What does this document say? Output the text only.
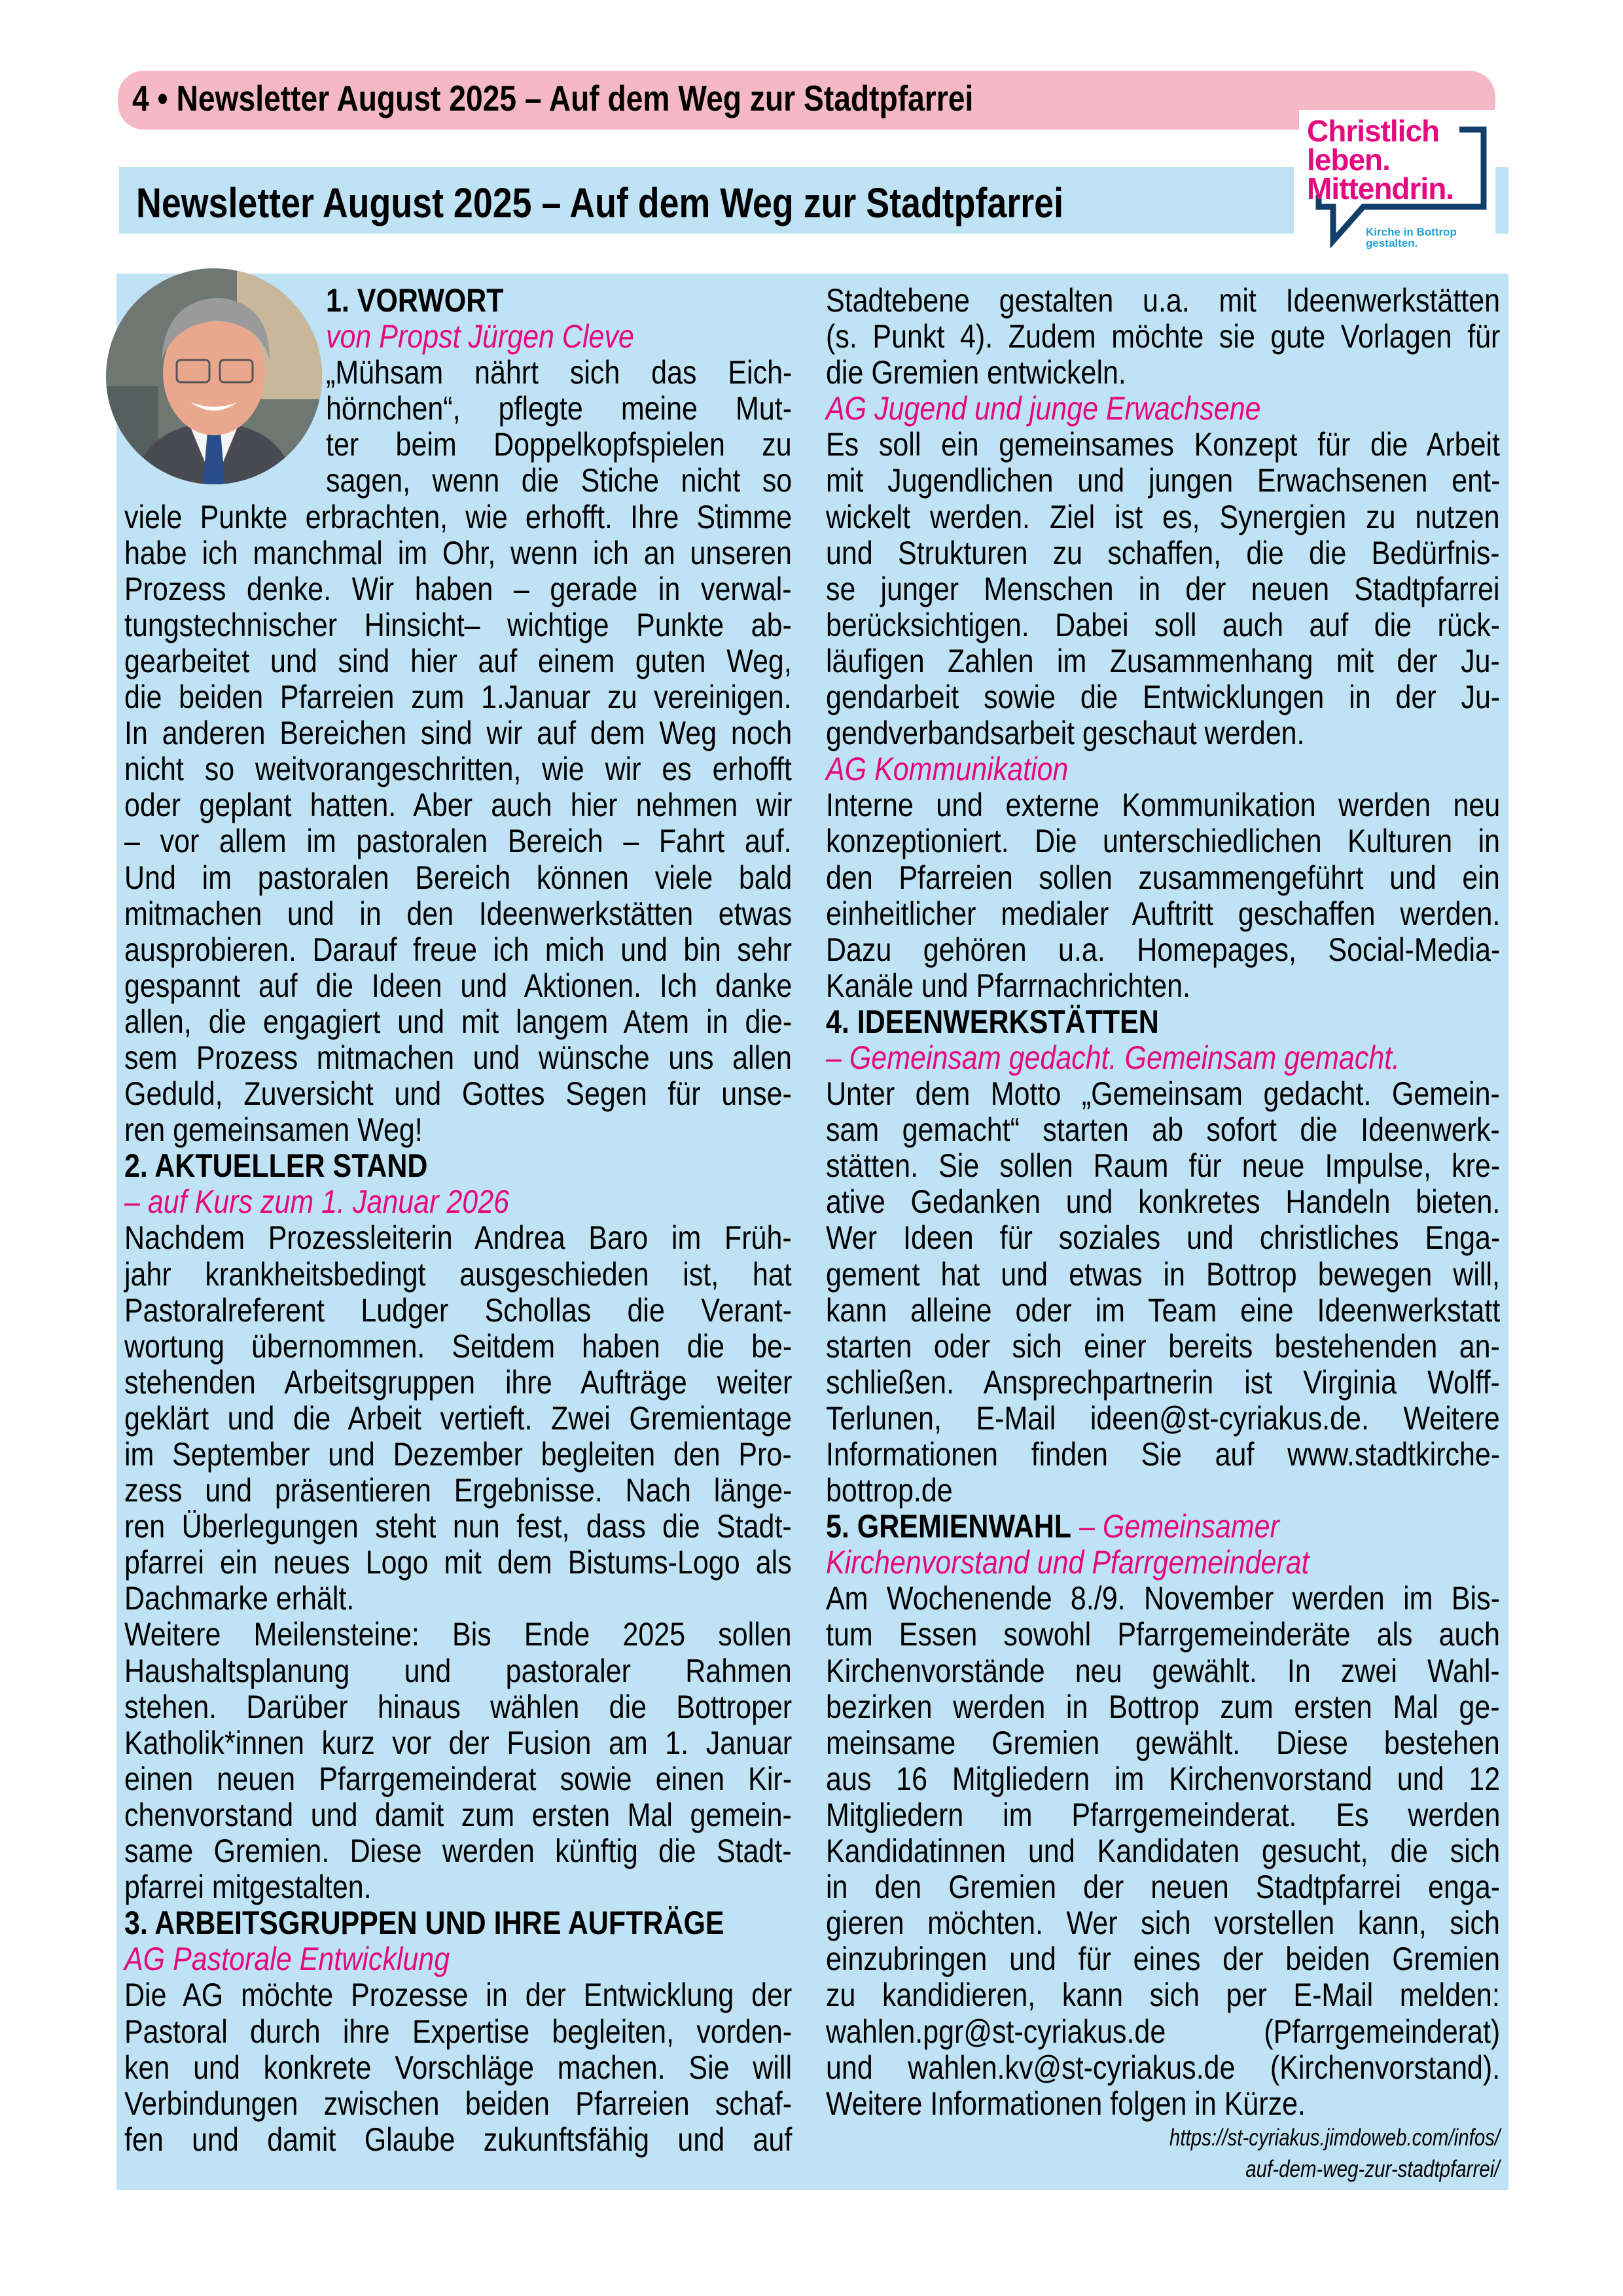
4 • Newsletter August 2025 – Auf dem Weg zur Stadtpfarrei
Newsletter August 2025 – Auf dem Weg zur Stadtpfarrei
Christlich
leben.
Mittendrin.
Kirche in Bottrop
gestalten.
1. VORWORT
von Propst Jürgen Cleve
„Mühsam nährt sich das Eich-
hörnchen“, pflegte meine Mut-
ter beim Doppelkopfspielen zu
sagen, wenn die Stiche nicht so
viele Punkte erbrachten, wie erhofft. Ihre Stimme
habe ich manchmal im Ohr, wenn ich an unseren
Prozess denke. Wir haben – gerade in verwal-
tungstechnischer Hinsicht– wichtige Punkte ab-
gearbeitet und sind hier auf einem guten Weg,
die beiden Pfarreien zum 1.Januar zu vereinigen.
In anderen Bereichen sind wir auf dem Weg noch
nicht so weitvorangeschritten, wie wir es erhofft
oder geplant hatten. Aber auch hier nehmen wir
– vor allem im pastoralen Bereich – Fahrt auf.
Und im pastoralen Bereich können viele bald
mitmachen und in den Ideenwerkstätten etwas
ausprobieren. Darauf freue ich mich und bin sehr
gespannt auf die Ideen und Aktionen. Ich danke
allen, die engagiert und mit langem Atem in die-
sem Prozess mitmachen und wünsche uns allen
Geduld, Zuversicht und Gottes Segen für unse-
ren gemeinsamen Weg!
2. AKTUELLER STAND
– auf Kurs zum 1. Januar 2026
Nachdem Prozessleiterin Andrea Baro im Früh-
jahr krankheitsbedingt ausgeschieden ist, hat
Pastoralreferent Ludger Schollas die Verant-
wortung übernommen. Seitdem haben die be-
stehenden Arbeitsgruppen ihre Aufträge weiter
geklärt und die Arbeit vertieft. Zwei Gremientage
im September und Dezember begleiten den Pro-
zess und präsentieren Ergebnisse. Nach länge-
ren Überlegungen steht nun fest, dass die Stadt-
pfarrei ein neues Logo mit dem Bistums-Logo als
Dachmarke erhält.
Weitere Meilensteine: Bis Ende 2025 sollen
Haushaltsplanung und pastoraler Rahmen
stehen. Darüber hinaus wählen die Bottroper
Katholik*innen kurz vor der Fusion am 1. Januar
einen neuen Pfarrgemeinderat sowie einen Kir-
chenvorstand und damit zum ersten Mal gemein-
same Gremien. Diese werden künftig die Stadt-
pfarrei mitgestalten.
3. ARBEITSGRUPPEN UND IHRE AUFTRÄGE
AG Pastorale Entwicklung
Die AG möchte Prozesse in der Entwicklung der
Pastoral durch ihre Expertise begleiten, vorden-
ken und konkrete Vorschläge machen. Sie will
Verbindungen zwischen beiden Pfarreien schaf-
fen und damit Glaube zukunftsfähig und auf
Stadtebene gestalten u.a. mit Ideenwerkstätten
(s. Punkt 4). Zudem möchte sie gute Vorlagen für
die Gremien entwickeln.
AG Jugend und junge Erwachsene
Es soll ein gemeinsames Konzept für die Arbeit
mit Jugendlichen und jungen Erwachsenen ent-
wickelt werden. Ziel ist es, Synergien zu nutzen
und Strukturen zu schaffen, die die Bedürfnis-
se junger Menschen in der neuen Stadtpfarrei
berücksichtigen. Dabei soll auch auf die rück-
läufigen Zahlen im Zusammenhang mit der Ju-
gendarbeit sowie die Entwicklungen in der Ju-
gendverbandsarbeit geschaut werden.
AG Kommunikation
Interne und externe Kommunikation werden neu
konzeptioniert. Die unterschiedlichen Kulturen in
den Pfarreien sollen zusammengeführt und ein
einheitlicher medialer Auftritt geschaffen werden.
Dazu gehören u.a. Homepages, Social-Media-
Kanäle und Pfarrnachrichten.
4. IDEENWERKSTÄTTEN
– Gemeinsam gedacht. Gemeinsam gemacht.
Unter dem Motto „Gemeinsam gedacht. Gemein-
sam gemacht“ starten ab sofort die Ideenwerk-
stätten. Sie sollen Raum für neue Impulse, kre-
ative Gedanken und konkretes Handeln bieten.
Wer Ideen für soziales und christliches Enga-
gement hat und etwas in Bottrop bewegen will,
kann alleine oder im Team eine Ideenwerkstatt
starten oder sich einer bereits bestehenden an-
schließen. Ansprechpartnerin ist Virginia Wolff-
Terlunen, E-Mail ideen@st-cyriakus.de. Weitere
Informationen finden Sie auf www.stadtkirche-
bottrop.de
5. GREMIENWAHL – Gemeinsamer
Kirchenvorstand und Pfarrgemeinderat
Am Wochenende 8./9. November werden im Bis-
tum Essen sowohl Pfarrgemeinderäte als auch
Kirchenvorstände neu gewählt. In zwei Wahl-
bezirken werden in Bottrop zum ersten Mal ge-
meinsame Gremien gewählt. Diese bestehen
aus 16 Mitgliedern im Kirchenvorstand und 12
Mitgliedern im Pfarrgemeinderat. Es werden
Kandidatinnen und Kandidaten gesucht, die sich
in den Gremien der neuen Stadtpfarrei enga-
gieren möchten. Wer sich vorstellen kann, sich
einzubringen und für eines der beiden Gremien
zu kandidieren, kann sich per E-Mail melden:
wahlen.pgr@st-cyriakus.de (Pfarrgemeinderat)
und wahlen.kv@st-cyriakus.de (Kirchenvorstand).
Weitere Informationen folgen in Kürze.
https://st-cyriakus.jimdoweb.com/infos/
auf-dem-weg-zur-stadtpfarrei/
